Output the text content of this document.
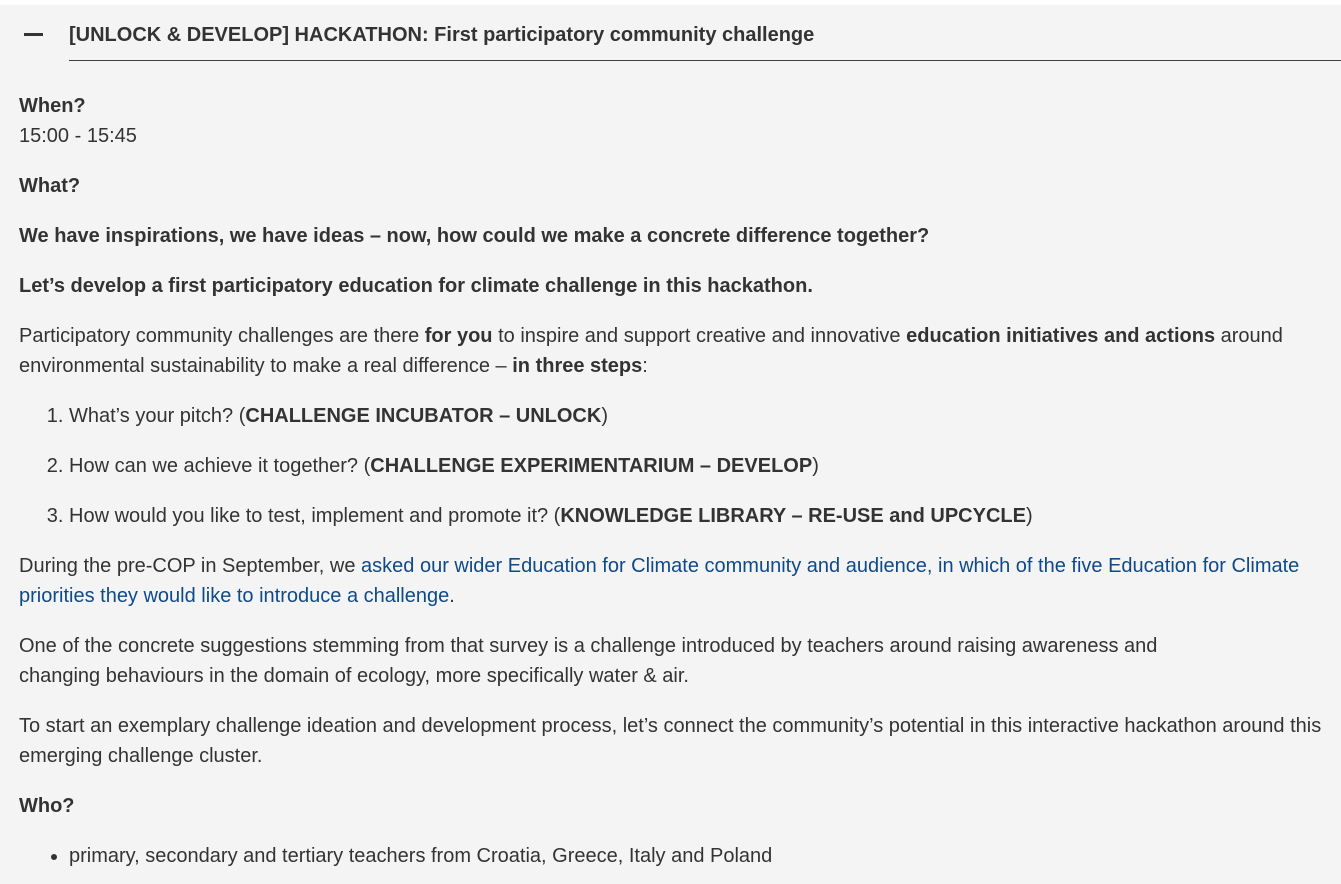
[UNLOCK & DEVELOP] HACKATHON: First participatory community challenge

When?

15:00 - 15:45

What?

We have inspirations, we have ideas – now, how could we make a concrete difference together?

Let’s develop a first participatory education for climate challenge in this hackathon.

Participatory community challenges are there for you to inspire and support creative and innovative education initiatives and actions around environmental sustainability to make a real difference – in three steps:

1. What’s your pitch? (CHALLENGE INCUBATOR – UNLOCK)
2. How can we achieve it together? (CHALLENGE EXPERIMENTARIUM – DEVELOP)
3. How would you like to test, implement and promote it? (KNOWLEDGE LIBRARY – RE-USE and UPCYCLE)

During the pre-COP in September, we asked our wider Education for Climate community and audience, in which of the five Education for Climate priorities they would like to introduce a challenge.

One of the concrete suggestions stemming from that survey is a challenge introduced by teachers around raising awareness and
changing behaviours in the domain of ecology, more specifically water & air.

To start an exemplary challenge ideation and development process, let’s connect the community’s potential in this interactive hackathon around this emerging challenge cluster.

Who?

• primary, secondary and tertiary teachers from Croatia, Greece, Italy and Poland
